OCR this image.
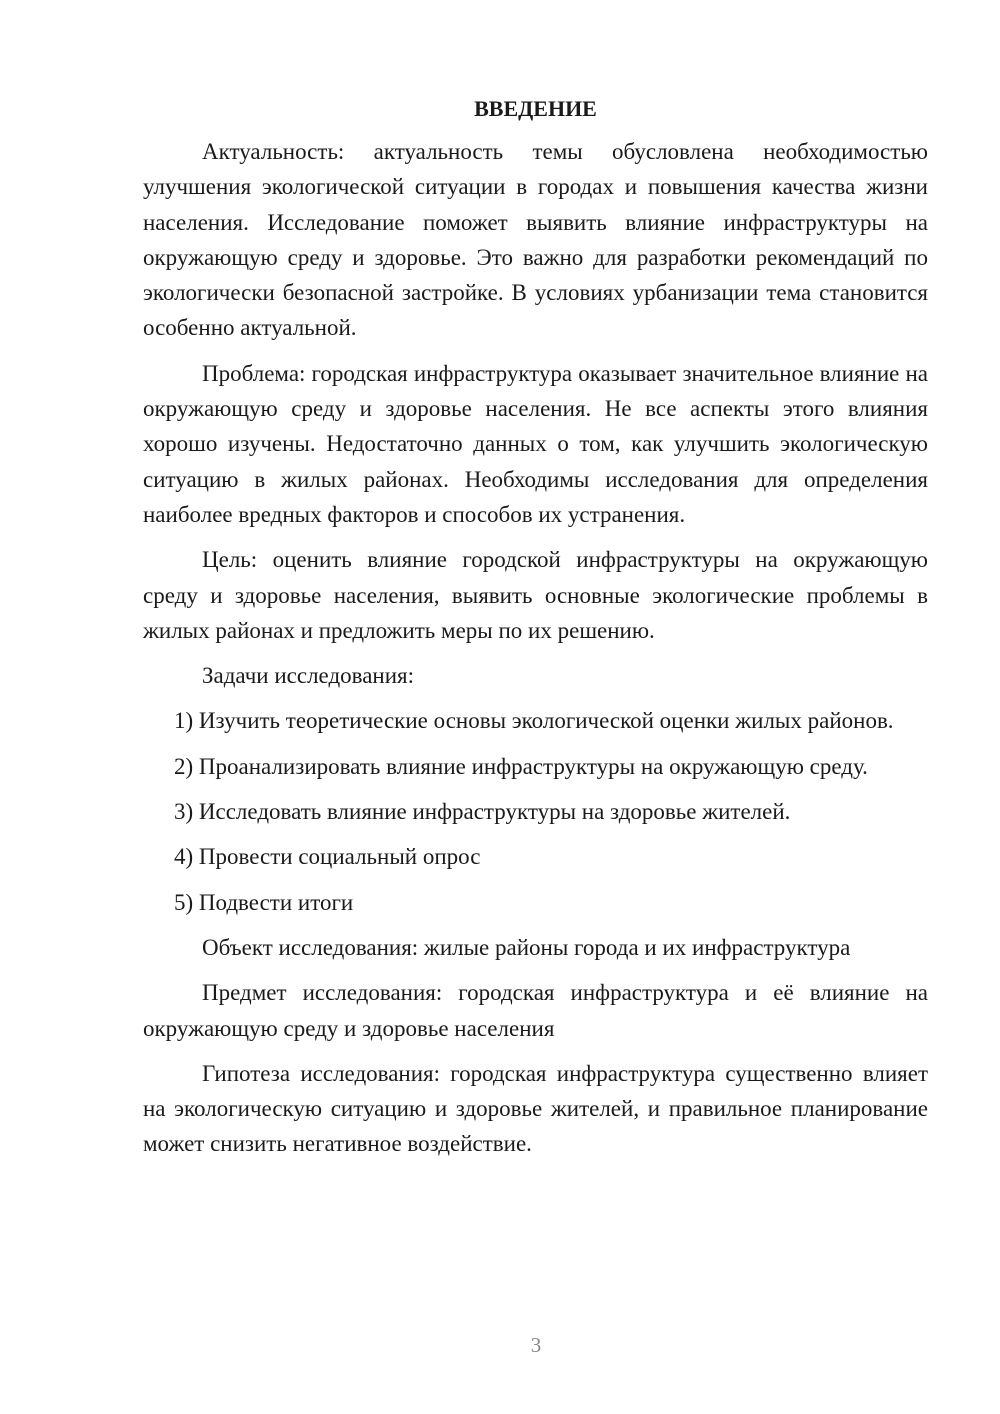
ВВЕДЕНИЕ

Актуальность: актуальность темы обусловлена необходимостью улучшения экологической ситуации в городах и повышения качества жизни населения. Исследование поможет выявить влияние инфраструктуры на окружающую среду и здоровье. Это важно для разработки рекомендаций по экологически безопасной застройке. В условиях урбанизации тема становится особенно актуальной.

Проблема: городская инфраструктура оказывает значительное влияние на окружающую среду и здоровье населения. Не все аспекты этого влияния хорошо изучены. Недостаточно данных о том, как улучшить экологическую ситуацию в жилых районах. Необходимы исследования для определения наиболее вредных факторов и способов их устранения.

Цель: оценить влияние городской инфраструктуры на окружающую среду и здоровье населения, выявить основные экологические проблемы в жилых районах и предложить меры по их решению.

Задачи исследования:

1) Изучить теоретические основы экологической оценки жилых районов.

2) Проанализировать влияние инфраструктуры на окружающую среду.

3) Исследовать влияние инфраструктуры на здоровье жителей.

4) Провести социальный опрос

5) Подвести итоги

Объект исследования: жилые районы города и их инфраструктура

Предмет исследования: городская инфраструктура и её влияние на окружающую среду и здоровье населения

Гипотеза исследования: городская инфраструктура существенно влияет на экологическую ситуацию и здоровье жителей, и правильное планирование может снизить негативное воздействие.

3
